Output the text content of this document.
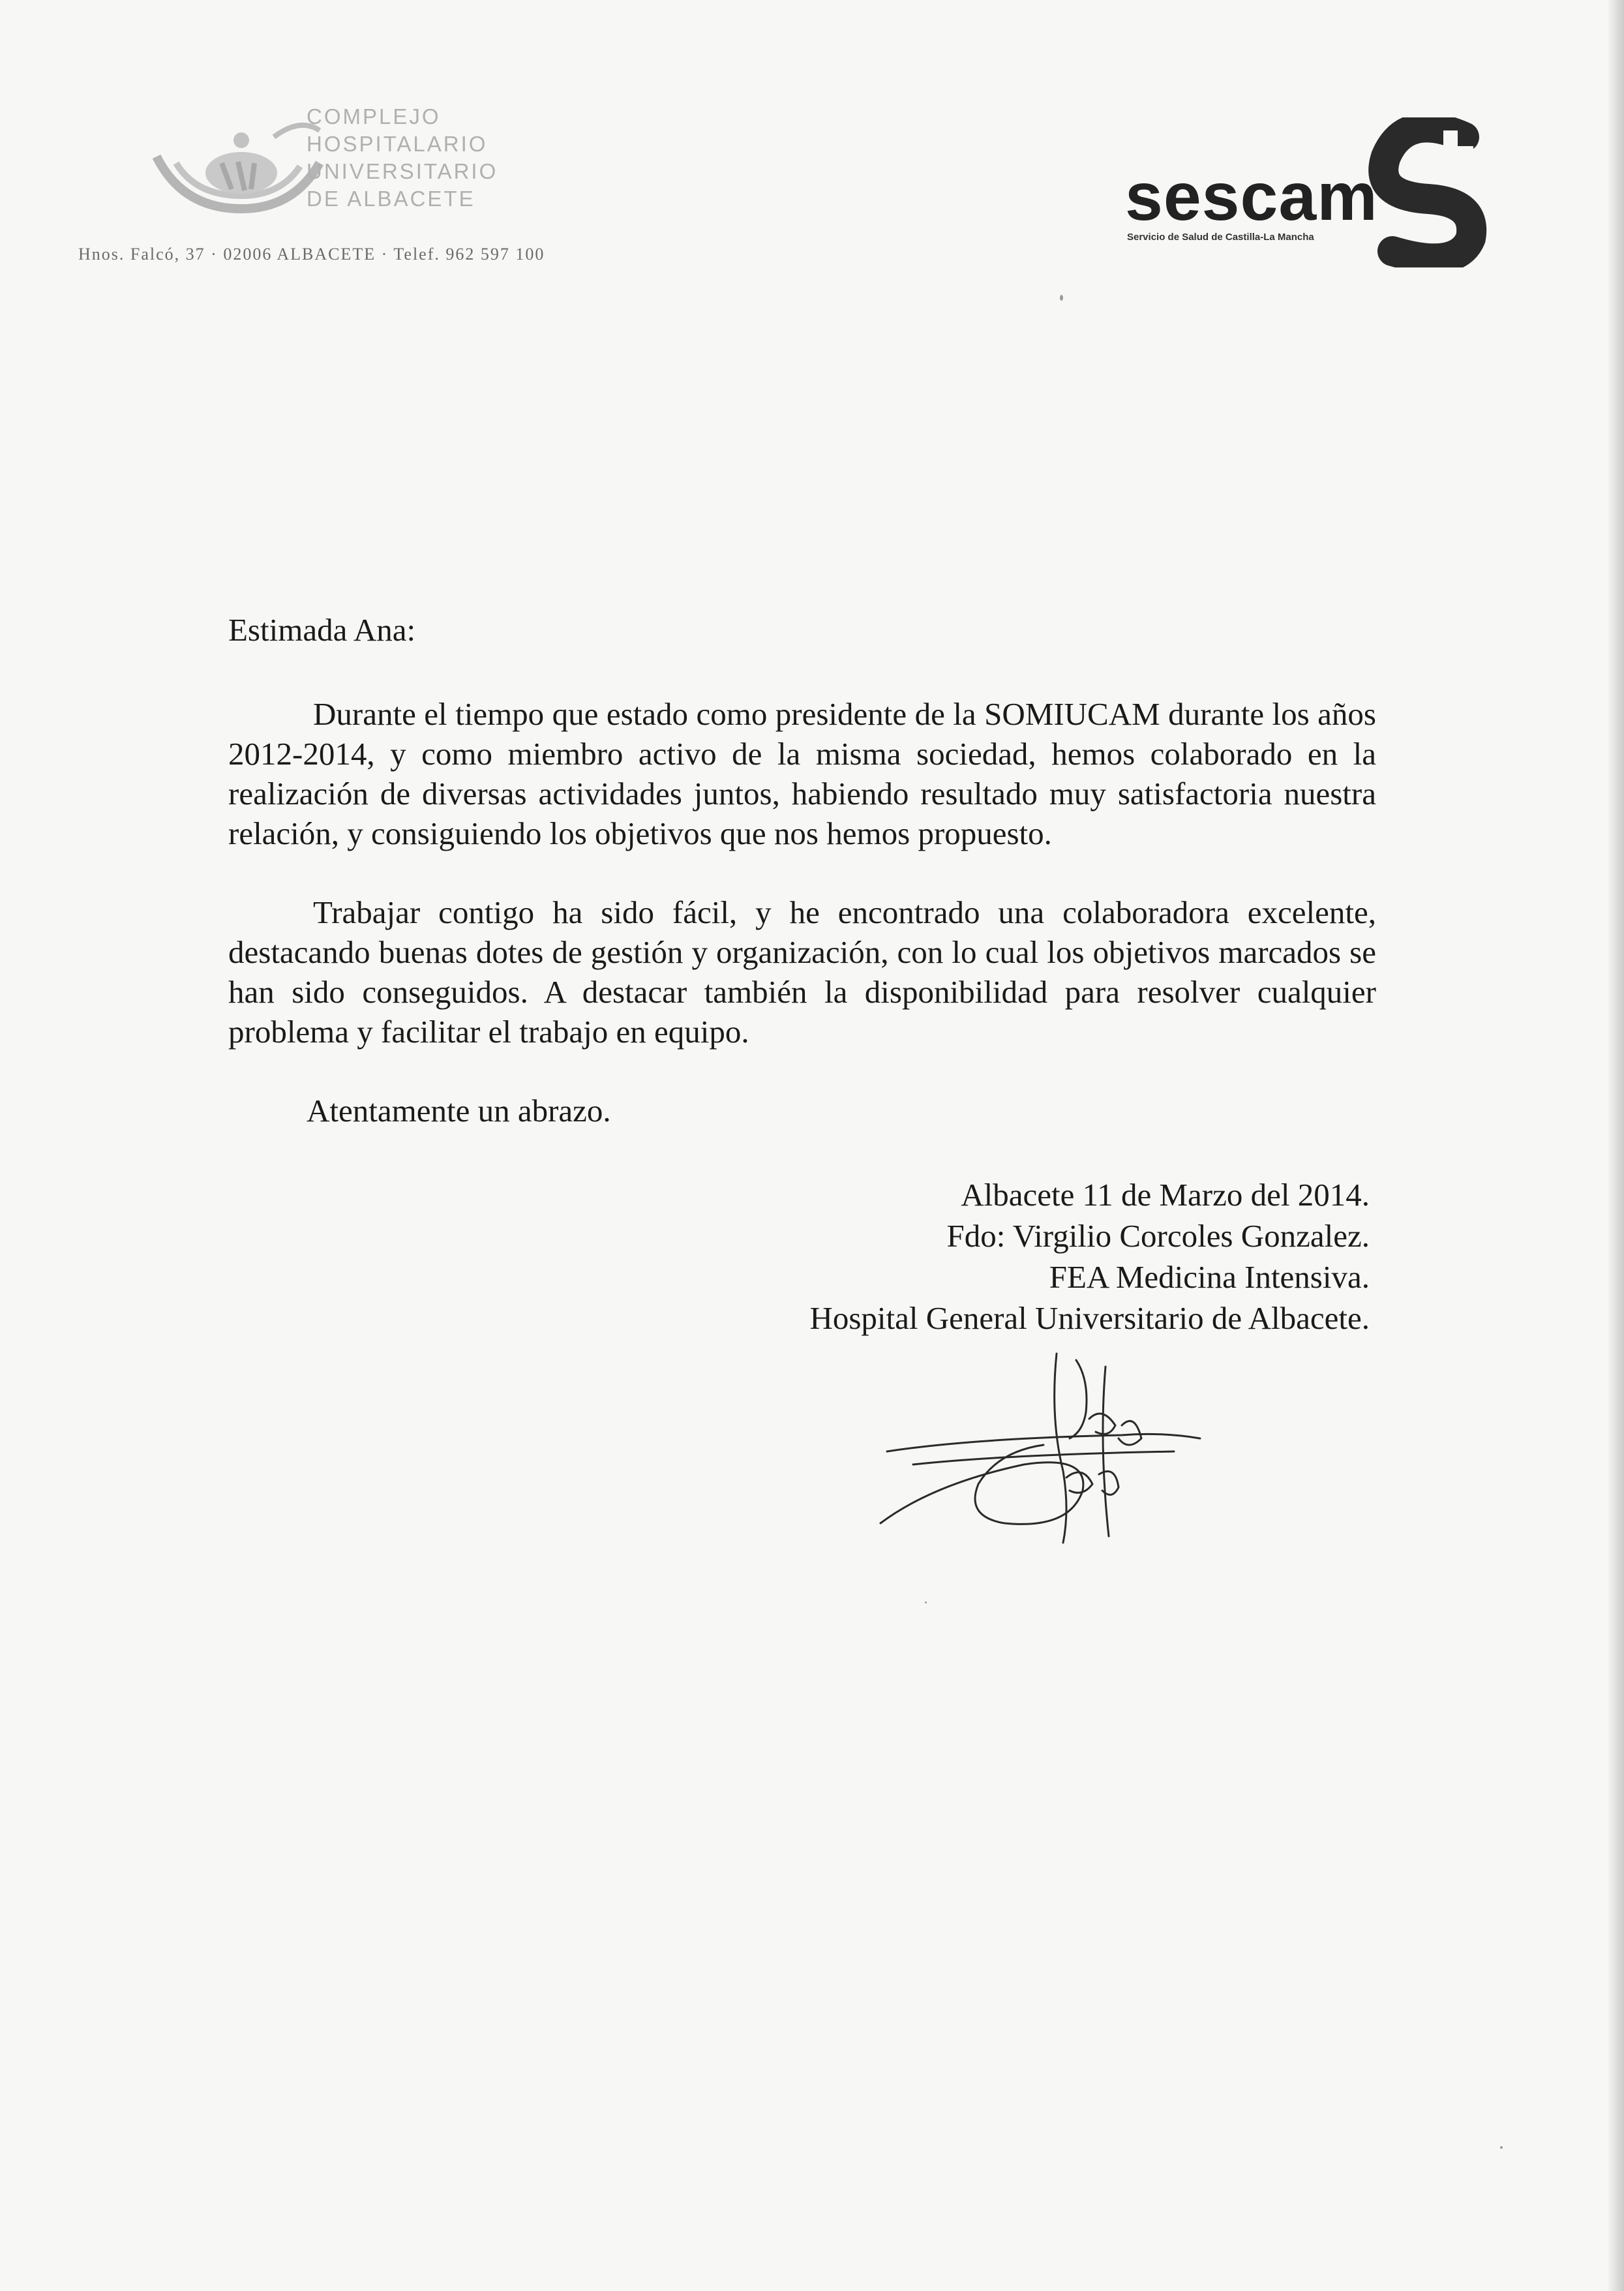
COMPLEJO
HOSPITALARIO
UNIVERSITARIO
DE ALBACETE
Hnos. Falcó, 37 · 02006 ALBACETE · Telef. 962 597 100
sescam
Servicio de Salud de Castilla-La Mancha

Estimada Ana:

Durante el tiempo que estado como presidente de la SOMIUCAM durante los años 2012-2014, y como miembro activo de la misma sociedad, hemos colaborado en la realización de diversas actividades juntos, habiendo resultado muy satisfactoria nuestra relación, y consiguiendo los objetivos que nos hemos propuesto.

Trabajar contigo ha sido fácil, y he encontrado una colaboradora excelente, destacando buenas dotes de gestión y organización, con lo cual los objetivos marcados se han sido conseguidos. A destacar también la disponibilidad para resolver cualquier problema y facilitar el trabajo en equipo.

Atentamente un abrazo.

Albacete 11 de Marzo del 2014.
Fdo: Virgilio Corcoles Gonzalez.
FEA Medicina Intensiva.
Hospital General Universitario de Albacete.
